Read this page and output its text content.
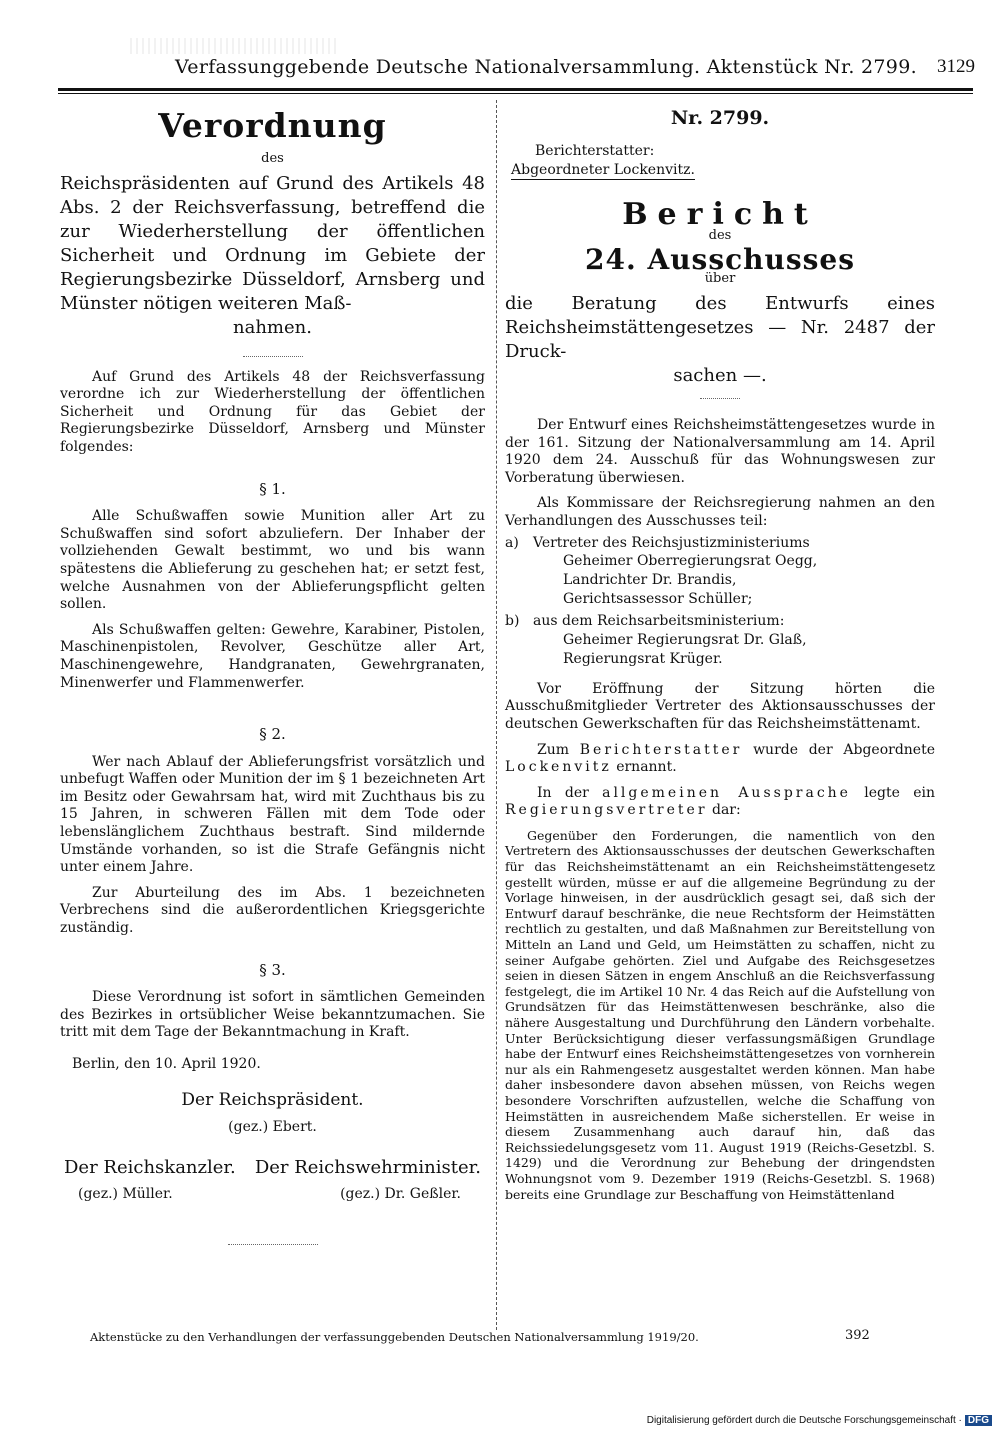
Verfassunggebende Deutsche Nationalversammlung. Aktenstück Nr. 2799. 3129
Verordnung
des
Reichspräsidenten auf Grund des Artikels 48 Abs. 2 der Reichsverfassung, betreffend die zur Wiederherstellung der öffentlichen Sicherheit und Ordnung im Gebiete der Regierungsbezirke Düsseldorf, Arnsberg und Münster nötigen weiteren Maß-
nahmen.

Auf Grund des Artikels 48 der Reichsverfassung verordne ich zur Wiederherstellung der öffentlichen Sicherheit und Ordnung für das Gebiet der Regierungsbezirke Düsseldorf, Arnsberg und Münster folgendes:

§ 1.

Alle Schußwaffen sowie Munition aller Art zu Schußwaffen sind sofort abzuliefern. Der Inhaber der vollziehenden Gewalt bestimmt, wo und bis wann spätestens die Ablieferung zu geschehen hat; er setzt fest, welche Ausnahmen von der Ablieferungspflicht gelten sollen.

Als Schußwaffen gelten: Gewehre, Karabiner, Pistolen, Maschinenpistolen, Revolver, Geschütze aller Art, Maschinengewehre, Handgranaten, Gewehrgranaten, Minenwerfer und Flammenwerfer.

§ 2.

Wer nach Ablauf der Ablieferungsfrist vorsätzlich und unbefugt Waffen oder Munition der im § 1 bezeichneten Art im Besitz oder Gewahrsam hat, wird mit Zuchthaus bis zu 15 Jahren, in schweren Fällen mit dem Tode oder lebenslänglichem Zuchthaus bestraft. Sind mildernde Umstände vorhanden, so ist die Strafe Gefängnis nicht unter einem Jahre.

Zur Aburteilung des im Abs. 1 bezeichneten Verbrechens sind die außerordentlichen Kriegsgerichte zuständig.

§ 3.

Diese Verordnung ist sofort in sämtlichen Gemeinden des Bezirkes in ortsüblicher Weise bekanntzumachen. Sie tritt mit dem Tage der Bekanntmachung in Kraft.

Berlin, den 10. April 1920.
Der Reichspräsident.
(gez.) Ebert.
Der Reichskanzler. Der Reichswehrminister.
(gez.) Müller.	(gez.) Dr. Geßler.
Nr. 2799.
Berichterstatter:
Abgeordneter Lockenvitz.
Bericht
des
24. Ausschusses
über
die Beratung des Entwurfs eines Reichsheimstättengesetzes — Nr. 2487 der Druck-
sachen —.

Der Entwurf eines Reichsheimstättengesetzes wurde in der 161. Sitzung der Nationalversammlung am 14. April 1920 dem 24. Ausschuß für das Wohnungswesen zur Vorberatung überwiesen.

Als Kommissare der Reichsregierung nahmen an den Verhandlungen des Ausschusses teil:

a)	Vertreter des Reichsjustizministeriums
Geheimer Oberregierungsrat Oegg,
Landrichter Dr. Brandis,
Gerichtsassessor Schüller;
b) aus dem Reichsarbeitsministerium:
Geheimer Regierungsrat Dr. Glaß,
Regierungsrat Krüger.

Vor Eröffnung der Sitzung hörten die Ausschußmitglieder Vertreter des Aktionsausschusses der deutschen Gewerkschaften für das Reichsheimstättenamt.

Zum Berichterstatter wurde der Abgeordnete Lockenvitz ernannt.

In der allgemeinen Aussprache legte ein Regierungsvertreter dar:

Gegenüber den Forderungen, die namentlich von den Vertretern des Aktionsausschusses der deutschen Gewerkschaften für das Reichsheimstättenamt an ein Reichsheimstättengesetz gestellt würden, müsse er auf die allgemeine Begründung zu der Vorlage hinweisen, in der ausdrücklich gesagt sei, daß sich der Entwurf darauf beschränke, die neue Rechtsform der Heimstätten rechtlich zu gestalten, und daß Maßnahmen zur Bereitstellung von Mitteln an Land und Geld, um Heimstätten zu schaffen, nicht zu seiner Aufgabe gehörten. Ziel und Aufgabe des Reichsgesetzes seien in diesen Sätzen in engem Anschluß an die Reichsverfassung festgelegt, die im Artikel 10 Nr. 4 das Reich auf die Aufstellung von Grundsätzen für das Heimstättenwesen beschränke, also die nähere Ausgestaltung und Durchführung den Ländern vorbehalte. Unter Berücksichtigung dieser verfassungsmäßigen Grundlage habe der Entwurf eines Reichsheimstättengesetzes von vornherein nur als ein Rahmengesetz ausgestaltet werden können. Man habe daher insbesondere davon absehen müssen, von Reichs wegen besondere Vorschriften aufzustellen, welche die Schaffung von Heimstätten in ausreichendem Maße sicherstellen. Er weise in diesem Zusammenhang auch darauf hin, daß das Reichssiedelungsgesetz vom 11. August 1919 (Reichs-Gesetzbl. S. 1429) und die Verordnung zur Behebung der dringendsten Wohnungsnot vom 9. Dezember 1919 (Reichs-Gesetzbl. S. 1968) bereits eine Grundlage zur Beschaffung von Heimstättenland

Aktenstücke zu den Verhandlungen der verfassunggebenden Deutschen Nationalversammlung 1919/20.	392
Digitalisierung gefördert durch die Deutsche Forschungsgemeinschaft · DFG
